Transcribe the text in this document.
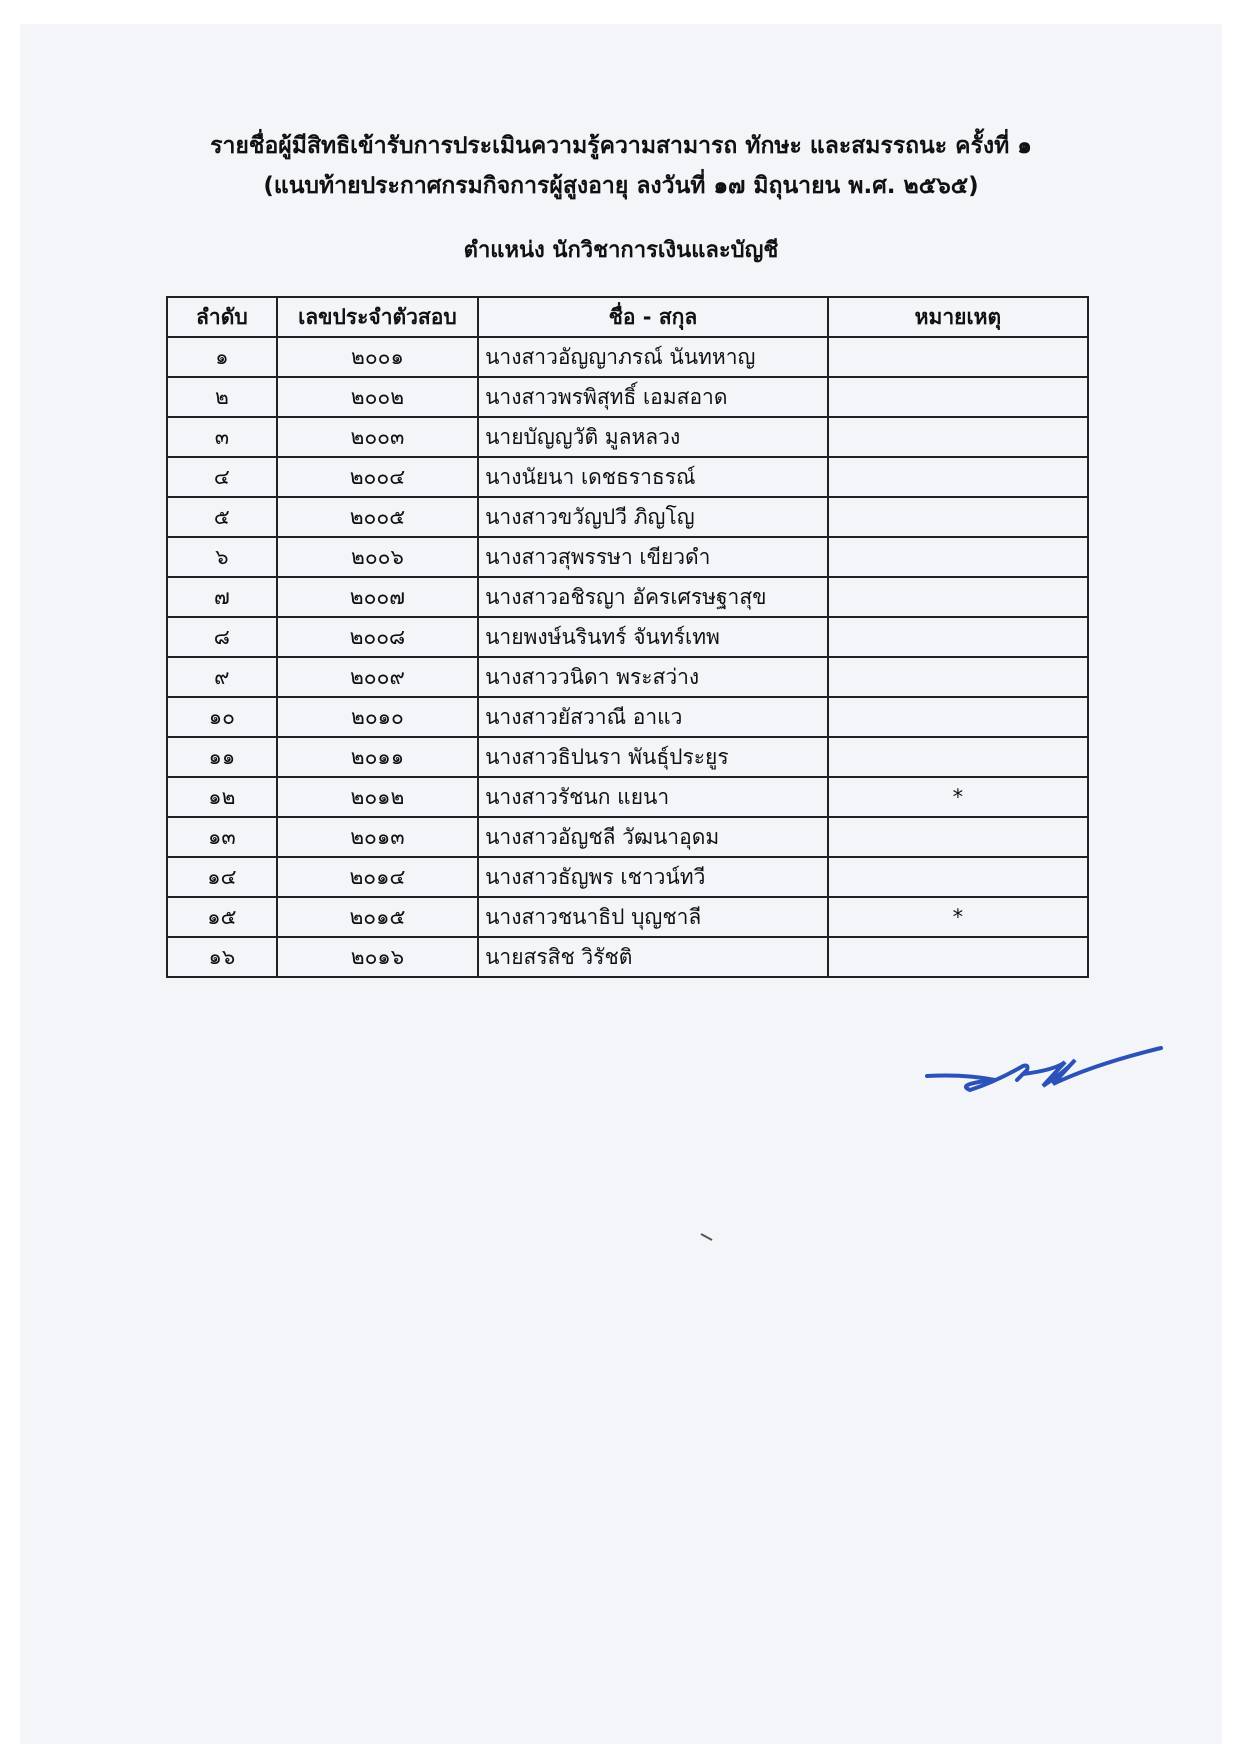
รายชื่อผู้มีสิทธิเข้ารับการประเมินความรู้ความสามารถ ทักษะ และสมรรถนะ ครั้งที่ ๑
(แนบท้ายประกาศกรมกิจการผู้สูงอายุ ลงวันที่ ๑๗ มิถุนายน พ.ศ. ๒๕๖๕)
ตำแหน่ง นักวิชาการเงินและบัญชี
ลำดับ	เลขประจำตัวสอบ	ชื่อ - สกุล	หมายเหตุ
๑	๒๐๐๑	นางสาวอัญญาภรณ์ นันทหาญ	
๒	๒๐๐๒	นางสาวพรพิสุทธิ์ เอมสอาด	
๓	๒๐๐๓	นายบัญญวัติ มูลหลวง	
๔	๒๐๐๔	นางนัยนา เดชธราธรณ์	
๕	๒๐๐๕	นางสาวขวัญปวี ภิญโญ	
๖	๒๐๐๖	นางสาวสุพรรษา เขียวดำ	
๗	๒๐๐๗	นางสาวอชิรญา อัครเศรษฐาสุข	
๘	๒๐๐๘	นายพงษ์นรินทร์ จันทร์เทพ	
๙	๒๐๐๙	นางสาววนิดา พระสว่าง	
๑๐	๒๐๑๐	นางสาวยัสวาณี อาแว	
๑๑	๒๐๑๑	นางสาวธิปนรา พันธุ์ประยูร	
๑๒	๒๐๑๒	นางสาวรัชนก แยนา	*
๑๓	๒๐๑๓	นางสาวอัญชลี วัฒนาอุดม	
๑๔	๒๐๑๔	นางสาวธัญพร เชาวน์ทวี	
๑๕	๒๐๑๕	นางสาวชนาธิป บุญชาลี	*
๑๖	๒๐๑๖	นายสรสิช วิรัชติ	
